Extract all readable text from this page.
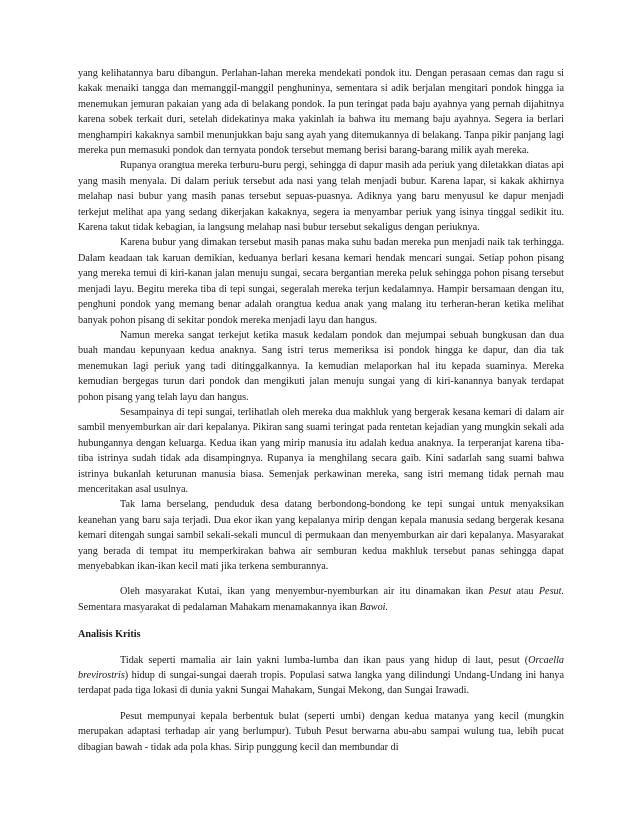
yang kelihatannya baru dibangun. Perlahan-lahan mereka mendekati pondok itu. Dengan perasaan cemas dan ragu si kakak menaiki tangga dan memanggil-manggil penghuninya, sementara si adik berjalan mengitari pondok hingga ia menemukan jemuran pakaian yang ada di belakang pondok. Ia pun teringat pada baju ayahnya yang pernah dijahitnya karena sobek terkait duri, setelah didekatinya maka yakinlah ia bahwa itu memang baju ayahnya. Segera ia berlari menghampiri kakaknya sambil menunjukkan baju sang ayah yang ditemukannya di belakang. Tanpa pikir panjang lagi mereka pun memasuki pondok dan ternyata pondok tersebut memang berisi barang-barang milik ayah mereka.

Rupanya orangtua mereka terburu-buru pergi, sehingga di dapur masih ada periuk yang diletakkan diatas api yang masih menyala. Di dalam periuk tersebut ada nasi yang telah menjadi bubur. Karena lapar, si kakak akhirnya melahap nasi bubur yang masih panas tersebut sepuas-puasnya. Adiknya yang baru menyusul ke dapur menjadi terkejut melihat apa yang sedang dikerjakan kakaknya, segera ia menyambar periuk yang isinya tinggal sedikit itu. Karena takut tidak kebagian, ia langsung melahap nasi bubur tersebut sekaligus dengan periuknya.

Karena bubur yang dimakan tersebut masih panas maka suhu badan mereka pun menjadi naik tak terhingga. Dalam keadaan tak karuan demikian, keduanya berlari kesana kemari hendak mencari sungai. Setiap pohon pisang yang mereka temui di kiri-kanan jalan menuju sungai, secara bergantian mereka peluk sehingga pohon pisang tersebut menjadi layu. Begitu mereka tiba di tepi sungai, segeralah mereka terjun kedalamnya. Hampir bersamaan dengan itu, penghuni pondok yang memang benar adalah orangtua kedua anak yang malang itu terheran-heran ketika melihat banyak pohon pisang di sekitar pondok mereka menjadi layu dan hangus.

Namun mereka sangat terkejut ketika masuk kedalam pondok dan mejumpai sebuah bungkusan dan dua buah mandau kepunyaan kedua anaknya. Sang istri terus memeriksa isi pondok hingga ke dapur, dan dia tak menemukan lagi periuk yang tadi ditinggalkannya. Ia kemudian melaporkan hal itu kepada suaminya. Mereka kemudian bergegas turun dari pondok dan mengikuti jalan menuju sungai yang di kiri-kanannya banyak terdapat pohon pisang yang telah layu dan hangus.

Sesampainya di tepi sungai, terlihatlah oleh mereka dua makhluk yang bergerak kesana kemari di dalam air sambil menyemburkan air dari kepalanya. Pikiran sang suami teringat pada rentetan kejadian yang mungkin sekali ada hubungannya dengan keluarga. Kedua ikan yang mirip manusia itu adalah kedua anaknya. Ia terperanjat karena tiba-tiba istrinya sudah tidak ada disampingnya. Rupanya ia menghilang secara gaib. Kini sadarlah sang suami bahwa istrinya bukanlah keturunan manusia biasa. Semenjak perkawinan mereka, sang istri memang tidak pernah mau menceritakan asal usulnya.

Tak lama berselang, penduduk desa datang berbondong-bondong ke tepi sungai untuk menyaksikan keanehan yang baru saja terjadi. Dua ekor ikan yang kepalanya mirip dengan kepala manusia sedang bergerak kesana kemari ditengah sungai sambil sekali-sekali muncul di permukaan dan menyemburkan air dari kepalanya. Masyarakat yang berada di tempat itu memperkirakan bahwa air semburan kedua makhluk tersebut panas sehingga dapat menyebabkan ikan-ikan kecil mati jika terkena semburannya.

Oleh masyarakat Kutai, ikan yang menyembur-nyemburkan air itu dinamakan ikan Pesut atau Pesut. Sementara masyarakat di pedalaman Mahakam menamakannya ikan Bawoi.

Analisis Kritis

Tidak seperti mamalia air lain yakni lumba-lumba dan ikan paus yang hidup di laut, pesut (Orcaella brevirostris) hidup di sungai-sungai daerah tropis. Populasi satwa langka yang dilindungi Undang-Undang ini hanya terdapat pada tiga lokasi di dunia yakni Sungai Mahakam, Sungai Mekong, dan Sungai Irawadi.

Pesut mempunyai kepala berbentuk bulat (seperti umbi) dengan kedua matanya yang kecil (mungkin merupakan adaptasi terhadap air yang berlumpur). Tubuh Pesut berwarna abu-abu sampai wulung tua, lebih pucat dibagian bawah - tidak ada pola khas. Sirip punggung kecil dan membundar di
